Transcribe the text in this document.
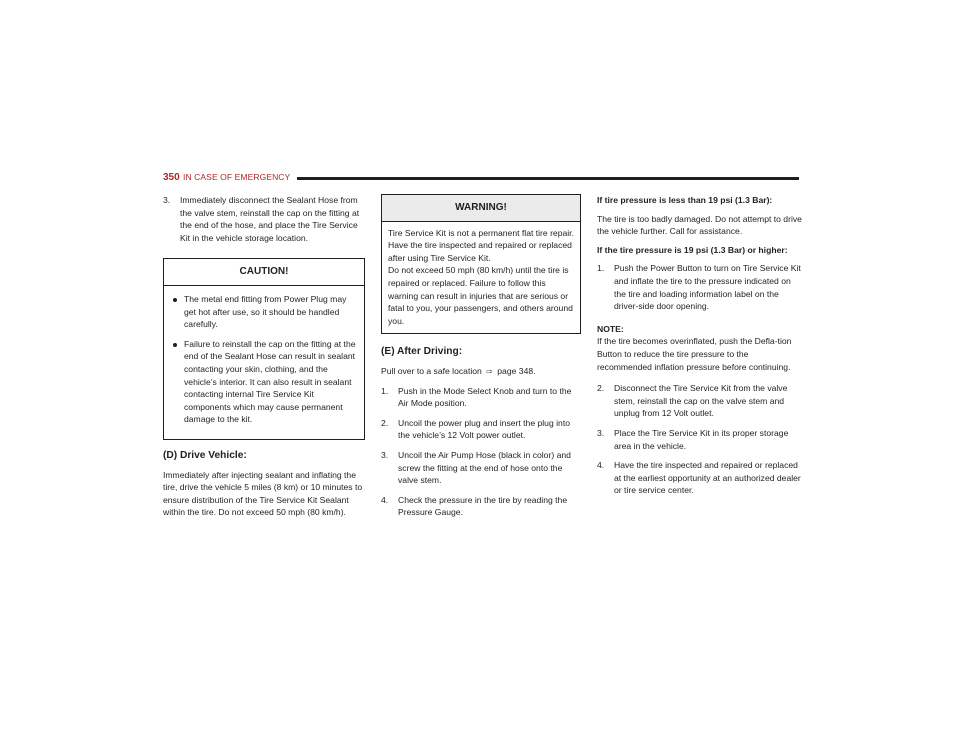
350 IN CASE OF EMERGENCY
3. Immediately disconnect the Sealant Hose from the valve stem, reinstall the cap on the fitting at the end of the hose, and place the Tire Service Kit in the vehicle storage location.
CAUTION!
The metal end fitting from Power Plug may get hot after use, so it should be handled carefully.
Failure to reinstall the cap on the fitting at the end of the Sealant Hose can result in sealant contacting your skin, clothing, and the vehicle’s interior. It can also result in sealant contacting internal Tire Service Kit components which may cause permanent damage to the kit.
(D) Drive Vehicle:
Immediately after injecting sealant and inflating the tire, drive the vehicle 5 miles (8 km) or 10 minutes to ensure distribution of the Tire Service Kit Sealant within the tire. Do not exceed 50 mph (80 km/h).
WARNING!
Tire Service Kit is not a permanent flat tire repair. Have the tire inspected and repaired or replaced after using Tire Service Kit.
Do not exceed 50 mph (80 km/h) until the tire is repaired or replaced. Failure to follow this warning can result in injuries that are serious or fatal to you, your passengers, and others around you.
(E) After Driving:
Pull over to a safe location ⇨ page 348.
1. Push in the Mode Select Knob and turn to the Air Mode position.
2. Uncoil the power plug and insert the plug into the vehicle’s 12 Volt power outlet.
3. Uncoil the Air Pump Hose (black in color) and screw the fitting at the end of hose onto the valve stem.
4. Check the pressure in the tire by reading the Pressure Gauge.
If tire pressure is less than 19 psi (1.3 Bar):
The tire is too badly damaged. Do not attempt to drive the vehicle further. Call for assistance.
If the tire pressure is 19 psi (1.3 Bar) or higher:
1. Push the Power Button to turn on Tire Service Kit and inflate the tire to the pressure indicated on the tire and loading information label on the driver-side door opening.
NOTE:
If the tire becomes overinflated, push the Defla-tion Button to reduce the tire pressure to the recommended inflation pressure before continuing.
2. Disconnect the Tire Service Kit from the valve stem, reinstall the cap on the valve stem and unplug from 12 Volt outlet.
3. Place the Tire Service Kit in its proper storage area in the vehicle.
4. Have the tire inspected and repaired or replaced at the earliest opportunity at an authorized dealer or tire service center.
